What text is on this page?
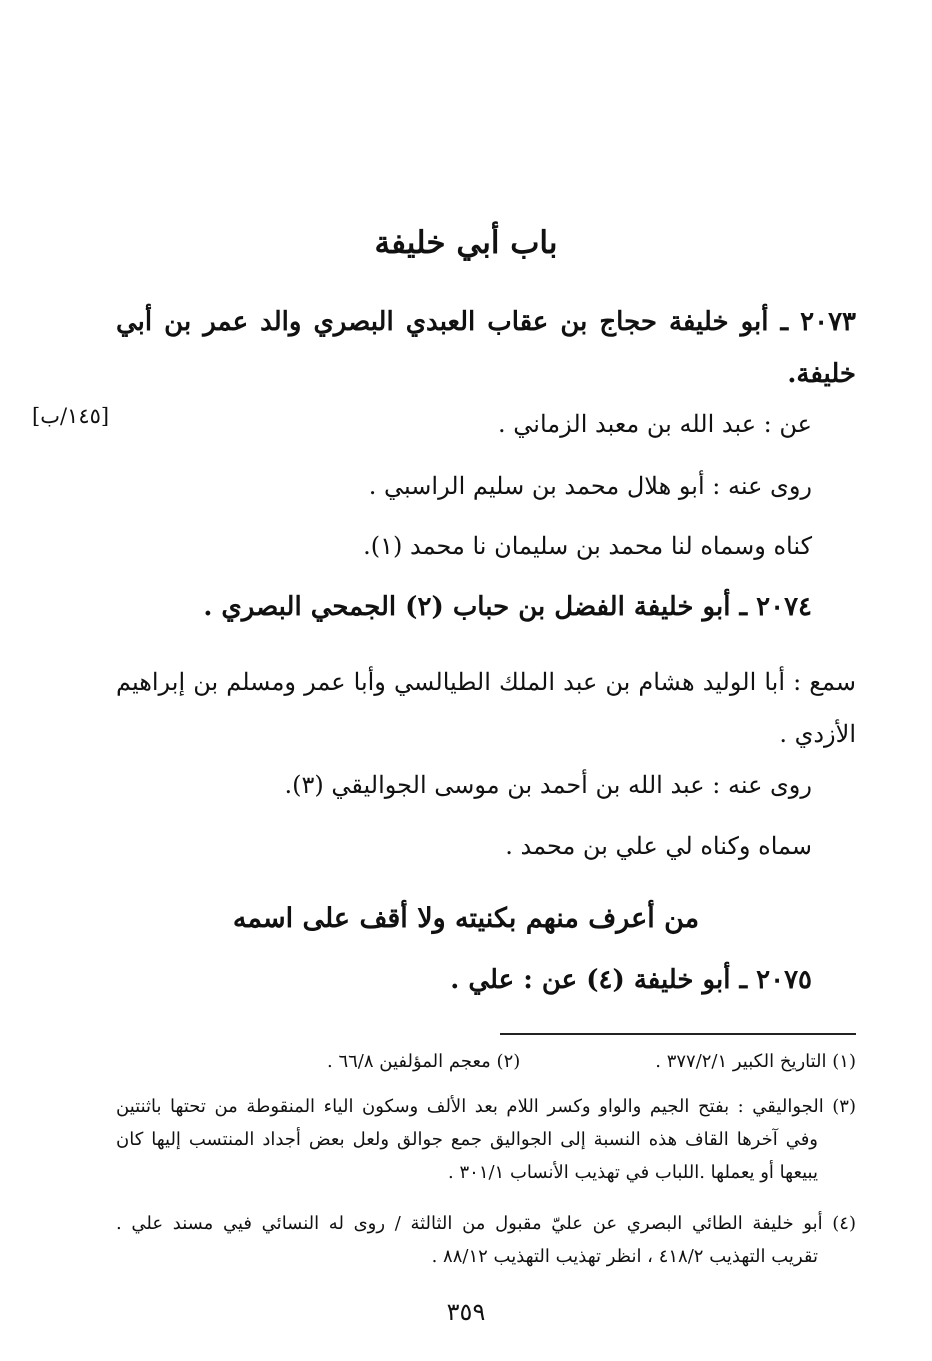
باب أبي خليفة
٢٠٧٣ ـ أبو خليفة حجاج بن عقاب العبدي البصري والد عمر بن أبي
خليفة.
[١٤٥/ب]	عن : عبد الله بن معبد الزماني .
روى عنه : أبو هلال محمد بن سليم الراسبي .
كناه وسماه لنا محمد بن سليمان نا محمد (١).
٢٠٧٤ ـ أبو خليفة الفضل بن حباب (٢) الجمحي البصري .
سمع : أبا الوليد هشام بن عبد الملك الطيالسي وأبا عمر ومسلم بن إبراهيم
الأزدي .
روى عنه : عبد الله بن أحمد بن موسى الجواليقي (٣).
سماه وكناه لي علي بن محمد .
من أعرف منهم بكنيته ولا أقف على اسمه
٢٠٧٥ ـ أبو خليفة (٤) عن : علي .
(١) التاريخ الكبير ٣٧٧/٢/١ . (٢) معجم المؤلفين ٦٦/٨ .
(٣) الجواليقي : بفتح الجيم والواو وكسر اللام بعد الألف وسكون الياء المنقوطة من تحتها باثنتين
وفي آخرها القاف هذه النسبة إلى الجواليق جمع جوالق ولعل بعض أجداد المنتسب إليها كان
يبيعها أو يعملها .اللباب في تهذيب الأنساب ٣٠١/١ .
(٤) أبو خليفة الطائي البصري عن عليّ مقبول من الثالثة / روى له النسائي فيي مسند علي .
تقريب التهذيب ٤١٨/٢ ، انظر تهذيب التهذيب ٨٨/١٢ .
٣٥٩
